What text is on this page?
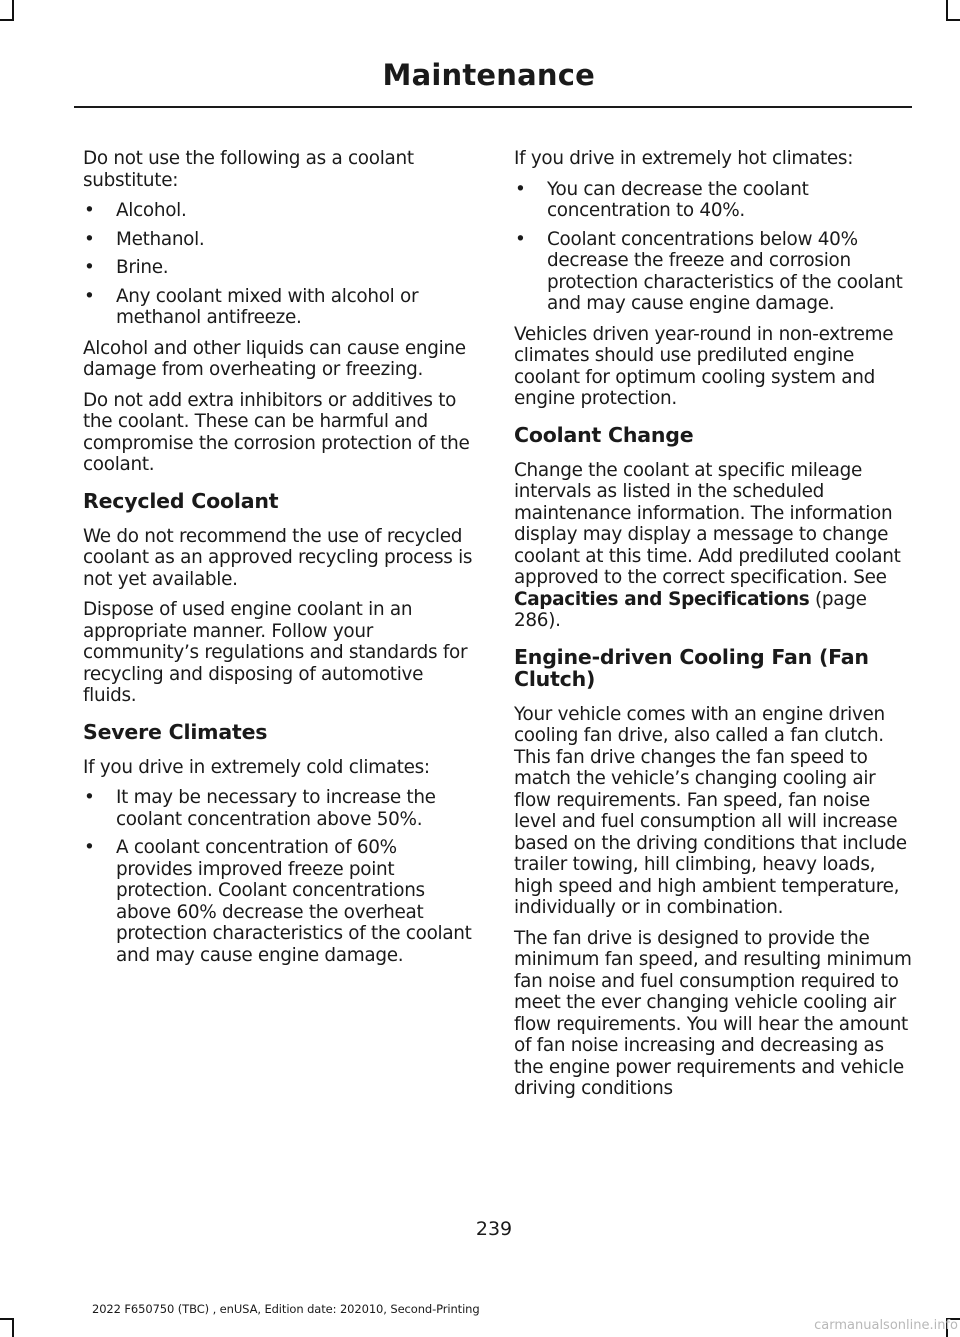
Maintenance

Do not use the following as a coolant substitute:

• Alcohol.
• Methanol.
• Brine.
• Any coolant mixed with alcohol or methanol antifreeze.

Alcohol and other liquids can cause engine damage from overheating or freezing.

Do not add extra inhibitors or additives to the coolant. These can be harmful and compromise the corrosion protection of the coolant.

Recycled Coolant

We do not recommend the use of recycled coolant as an approved recycling process is not yet available.

Dispose of used engine coolant in an appropriate manner. Follow your community’s regulations and standards for recycling and disposing of automotive fluids.

Severe Climates

If you drive in extremely cold climates:

• It may be necessary to increase the coolant concentration above 50%.
• A coolant concentration of 60% provides improved freeze point protection. Coolant concentrations above 60% decrease the overheat protection characteristics of the coolant and may cause engine damage.

If you drive in extremely hot climates:

• You can decrease the coolant concentration to 40%.
• Coolant concentrations below 40% decrease the freeze and corrosion protection characteristics of the coolant and may cause engine damage.

Vehicles driven year-round in non-extreme climates should use prediluted engine coolant for optimum cooling system and engine protection.

Coolant Change

Change the coolant at specific mileage intervals as listed in the scheduled maintenance information. The information display may display a message to change coolant at this time. Add prediluted coolant approved to the correct specification. See Capacities and Specifications (page 286).

Engine-driven Cooling Fan (Fan Clutch)

Your vehicle comes with an engine driven cooling fan drive, also called a fan clutch. This fan drive changes the fan speed to match the vehicle’s changing cooling air flow requirements. Fan speed, fan noise level and fuel consumption all will increase based on the driving conditions that include trailer towing, hill climbing, heavy loads, high speed and high ambient temperature, individually or in combination.

The fan drive is designed to provide the minimum fan speed, and resulting minimum fan noise and fuel consumption required to meet the ever changing vehicle cooling air flow requirements. You will hear the amount of fan noise increasing and decreasing as the engine power requirements and vehicle driving conditions

239
2022 F650750 (TBC) , enUSA, Edition date: 202010, Second-Printing
carmanualsonline.info
